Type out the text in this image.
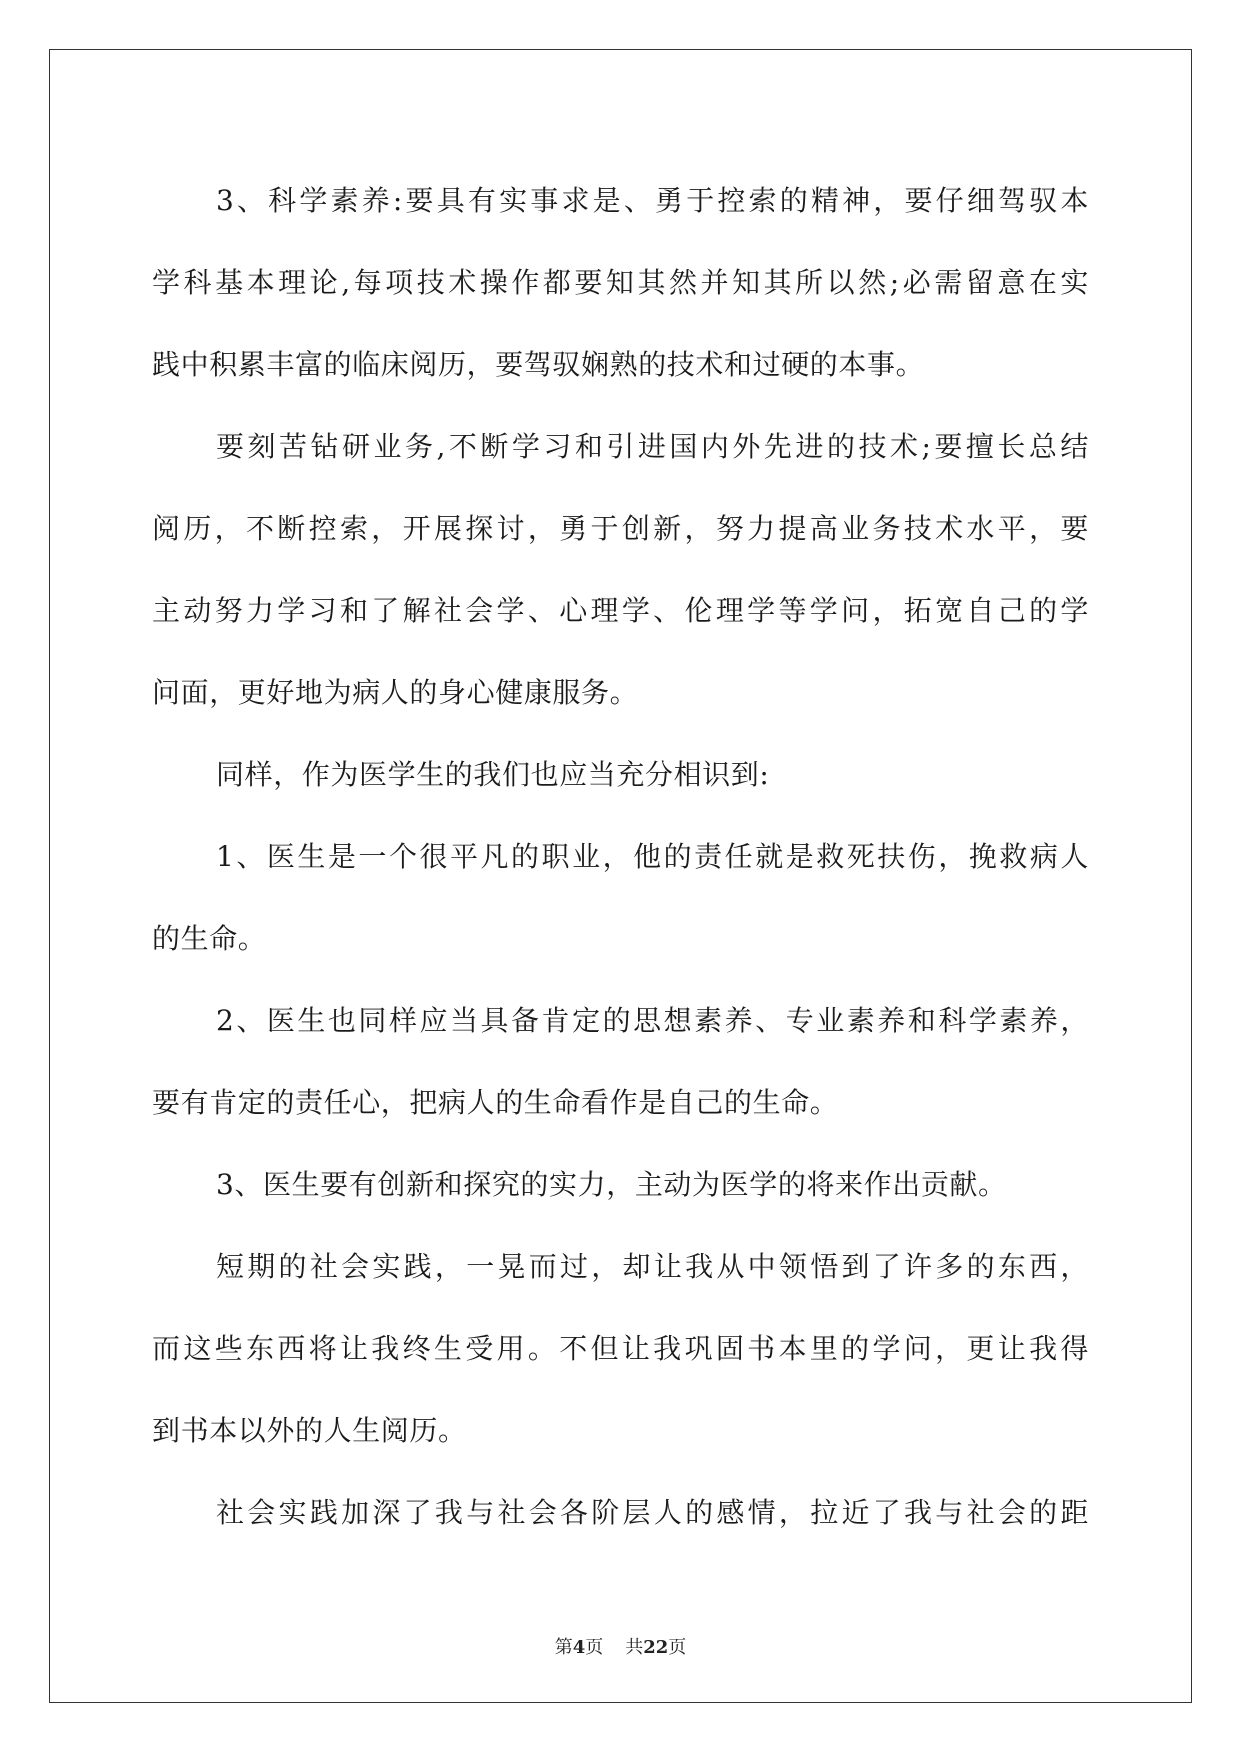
3、科学素养:要具有实事求是、勇于控索的精神，要仔细驾驭本
学科基本理论,每项技术操作都要知其然并知其所以然;必需留意在实
践中积累丰富的临床阅历，要驾驭娴熟的技术和过硬的本事。
要刻苦钻研业务,不断学习和引进国内外先进的技术;要擅长总结
阅历，不断控索，开展探讨，勇于创新，努力提高业务技术水平，要
主动努力学习和了解社会学、心理学、伦理学等学问，拓宽自己的学
问面，更好地为病人的身心健康服务。
同样，作为医学生的我们也应当充分相识到:
1、医生是一个很平凡的职业，他的责任就是救死扶伤，挽救病人
的生命。
2、医生也同样应当具备肯定的思想素养、专业素养和科学素养，
要有肯定的责任心，把病人的生命看作是自己的生命。
3、医生要有创新和探究的实力，主动为医学的将来作出贡献。
短期的社会实践，一晃而过，却让我从中领悟到了许多的东西，
而这些东西将让我终生受用。不但让我巩固书本里的学问，更让我得
到书本以外的人生阅历。
社会实践加深了我与社会各阶层人的感情，拉近了我与社会的距
第4页 共22页
